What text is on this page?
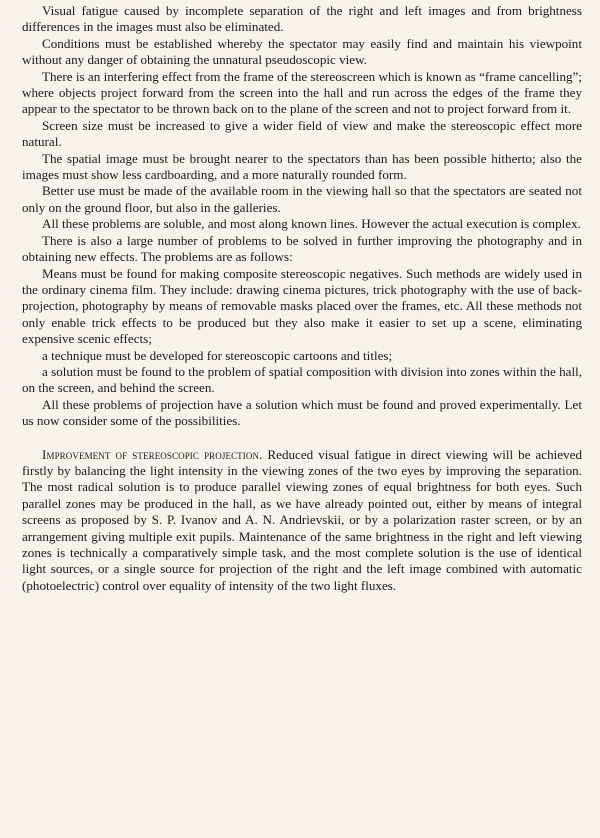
Visual fatigue caused by incomplete separation of the right and left images and from brightness differences in the images must also be eliminated.

Conditions must be established whereby the spectator may easily find and maintain his viewpoint without any danger of obtaining the unnatural pseudoscopic view.

There is an interfering effect from the frame of the stereoscreen which is known as “frame cancelling”; where objects project forward from the screen into the hall and run across the edges of the frame they appear to the spectator to be thrown back on to the plane of the screen and not to project forward from it.

Screen size must be increased to give a wider field of view and make the stereoscopic effect more natural.

The spatial image must be brought nearer to the spectators than has been possible hitherto; also the images must show less cardboarding, and a more naturally rounded form.

Better use must be made of the available room in the viewing hall so that the spectators are seated not only on the ground floor, but also in the galleries.

All these problems are soluble, and most along known lines. However the actual execution is complex.

There is also a large number of problems to be solved in further improving the photography and in obtaining new effects. The problems are as follows:

Means must be found for making composite stereoscopic negatives. Such methods are widely used in the ordinary cinema film. They include: drawing cinema pictures, trick photography with the use of back-projection, photography by means of removable masks placed over the frames, etc. All these methods not only enable trick effects to be produced but they also make it easier to set up a scene, eliminating expensive scenic effects;

a technique must be developed for stereoscopic cartoons and titles;

a solution must be found to the problem of spatial composition with division into zones within the hall, on the screen, and behind the screen.

All these problems of projection have a solution which must be found and proved experimentally. Let us now consider some of the possibilities.

Improvement of stereoscopic projection. Reduced visual fatigue in direct viewing will be achieved firstly by balancing the light intensity in the viewing zones of the two eyes by improving the separation. The most radical solution is to produce parallel viewing zones of equal brightness for both eyes. Such parallel zones may be produced in the hall, as we have already pointed out, either by means of integral screens as proposed by S. P. Ivanov and A. N. Andrievskii, or by a polarization raster screen, or by an arrangement giving multiple exit pupils. Maintenance of the same brightness in the right and left viewing zones is technically a comparatively simple task, and the most complete solution is the use of identical light sources, or a single source for projection of the right and the left image combined with automatic (photoelectric) control over equality of intensity of the two light fluxes.
